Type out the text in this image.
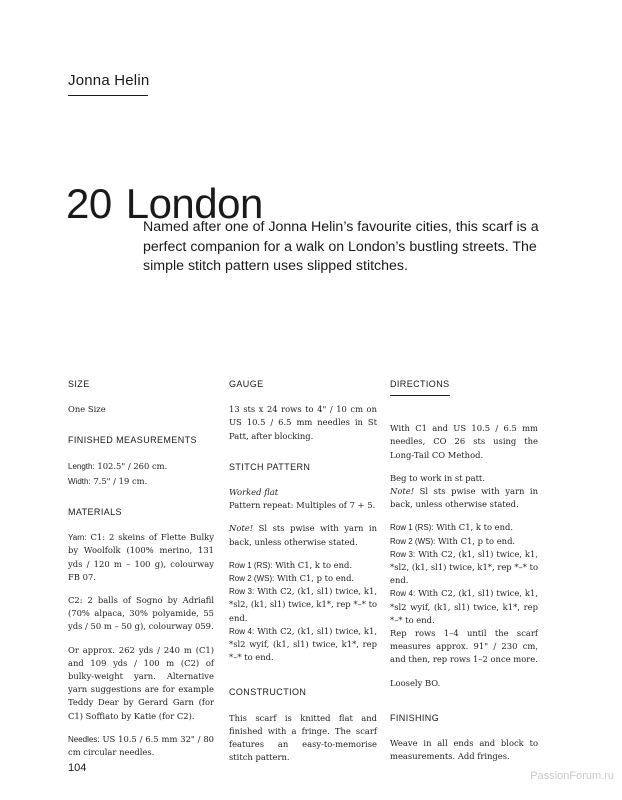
Jonna Helin
20 London
Named after one of Jonna Helin’s favourite cities, this scarf is a perfect companion for a walk on London’s bustling streets. The simple stitch pattern uses slipped stitches.
SIZE

One Size

FINISHED MEASUREMENTS

Length: 102.5" / 260 cm.

Width: 7.5" / 19 cm.

MATERIALS

Yarn: C1: 2 skeins of Flette Bulky by Woolfolk (100% merino, 131 yds / 120 m – 100 g), colourway FB 07.

C2: 2 balls of Sogno by Adriafil (70% alpaca, 30% polyamide, 55 yds / 50 m – 50 g), colourway 059.

Or approx. 262 yds / 240 m (C1) and 109 yds / 100 m (C2) of bulky-weight yarn. Alternative yarn suggestions are for example Teddy Dear by Gerard Garn (for C1) Soffiato by Katie (for C2).

Needles: US 10.5 / 6.5 mm 32" / 80 cm circular needles.

GAUGE

13 sts x 24 rows to 4" / 10 cm on US 10.5 / 6.5 mm needles in St Patt, after blocking.

STITCH PATTERN

Worked flat

Pattern repeat: Multiples of 7 + 5.

Note! Sl sts pwise with yarn in back, unless otherwise stated.

Row 1 (RS): With C1, k to end.

Row 2 (WS): With C1, p to end.

Row 3: With C2, (k1, sl1) twice, k1, *sl2, (k1, sl1) twice, k1*, rep *–* to end.

Row 4: With C2, (k1, sl1) twice, k1, *sl2 wyif, (k1, sl1) twice, k1*, rep *–* to end.

CONSTRUCTION

This scarf is knitted flat and finished with a fringe. The scarf features an easy-to-memorise stitch pattern.

DIRECTIONS

With C1 and US 10.5 / 6.5 mm needles, CO 26 sts using the Long-Tail CO Method.

Beg to work in st patt.

Note! Sl sts pwise with yarn in back, unless otherwise stated.

Row 1 (RS): With C1, k to end.

Row 2 (WS): With C1, p to end.

Row 3: With C2, (k1, sl1) twice, k1, *sl2, (k1, sl1) twice, k1*, rep *–* to end.

Row 4: With C2, (k1, sl1) twice, k1, *sl2 wyif, (k1, sl1) twice, k1*, rep *–* to end.

Rep rows 1–4 until the scarf measures approx. 91" / 230 cm, and then, rep rows 1–2 once more.

Loosely BO.

FINISHING

Weave in all ends and block to measurements. Add fringes.

104
PassionForum.ru
